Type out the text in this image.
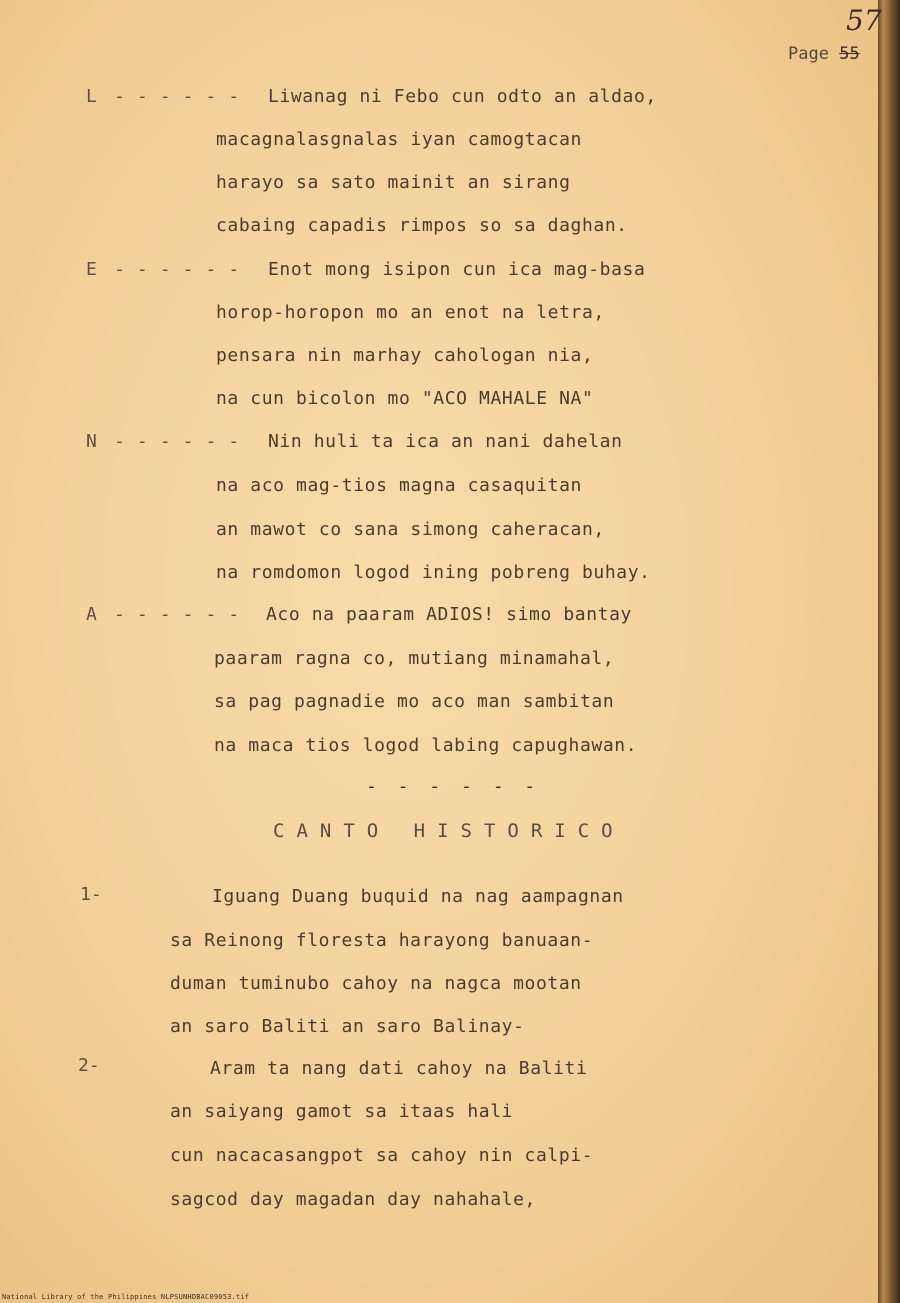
57
Page 55
L - - - - - - Liwanag ni Febo cun odto an aldao,
macagnalasgnalas iyan camogtacan
harayo sa sato mainit an sirang
cabaing capadis rimpos so sa daghan.
E - - - - - - Enot mong isipon cun ica mag-basa
horop-horopon mo an enot na letra,
pensara nin marhay cahologan nia,
na cun bicolon mo "ACO MAHALE NA"
N - - - - - - Nin huli ta ica an nani dahelan
na aco mag-tios magna casaquitan
an mawot co sana simong caheracan,
na romdomon logod ining pobreng buhay.
A - - - - - - Aco na paaram ADIOS! simo bantay
paaram ragna co, mutiang minamahal,
sa pag pagnadie mo aco man sambitan
na maca tios logod labing capughawan.
- - - - - -
CANTO HISTORICO
1-	Iguang Duang buquid na nag aampagnan
sa Reinong floresta harayong banuaan-
duman tuminubo cahoy na nagca mootan
an saro Baliti an saro Balinay-
2-	Aram ta nang dati cahoy na Baliti
an saiyang gamot sa itaas hali
cun nacacasangpot sa cahoy nin calpi-
sagcod day magadan day nahahale,
National Library of the Philippines NLPSUNHDBAC09053.tif
